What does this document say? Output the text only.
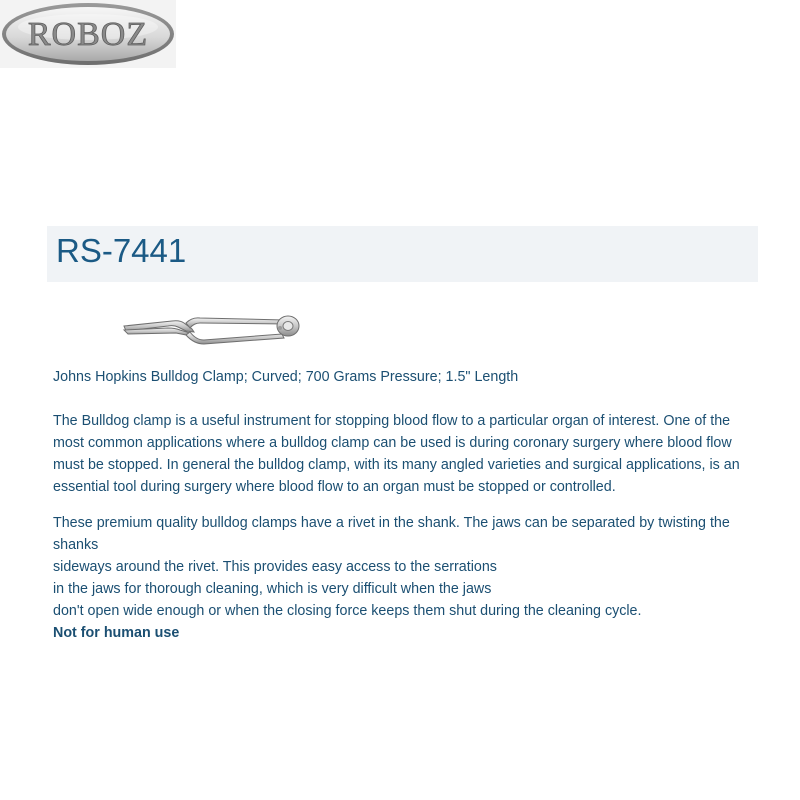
ROBOZ
RS-7441
Johns Hopkins Bulldog Clamp; Curved; 700 Grams Pressure; 1.5" Length
The Bulldog clamp is a useful instrument for stopping blood flow to a particular organ of interest. One of the most common applications where a bulldog clamp can be used is during coronary surgery where blood flow must be stopped. In general the bulldog clamp, with its many angled varieties and surgical applications, is an essential tool during surgery where blood flow to an organ must be stopped or controlled.
These premium quality bulldog clamps have a rivet in the shank. The jaws can be separated by twisting the shanks
sideways around the rivet. This provides easy access to the serrations
in the jaws for thorough cleaning, which is very difficult when the jaws
don't open wide enough or when the closing force keeps them shut during the cleaning cycle.
Not for human use
